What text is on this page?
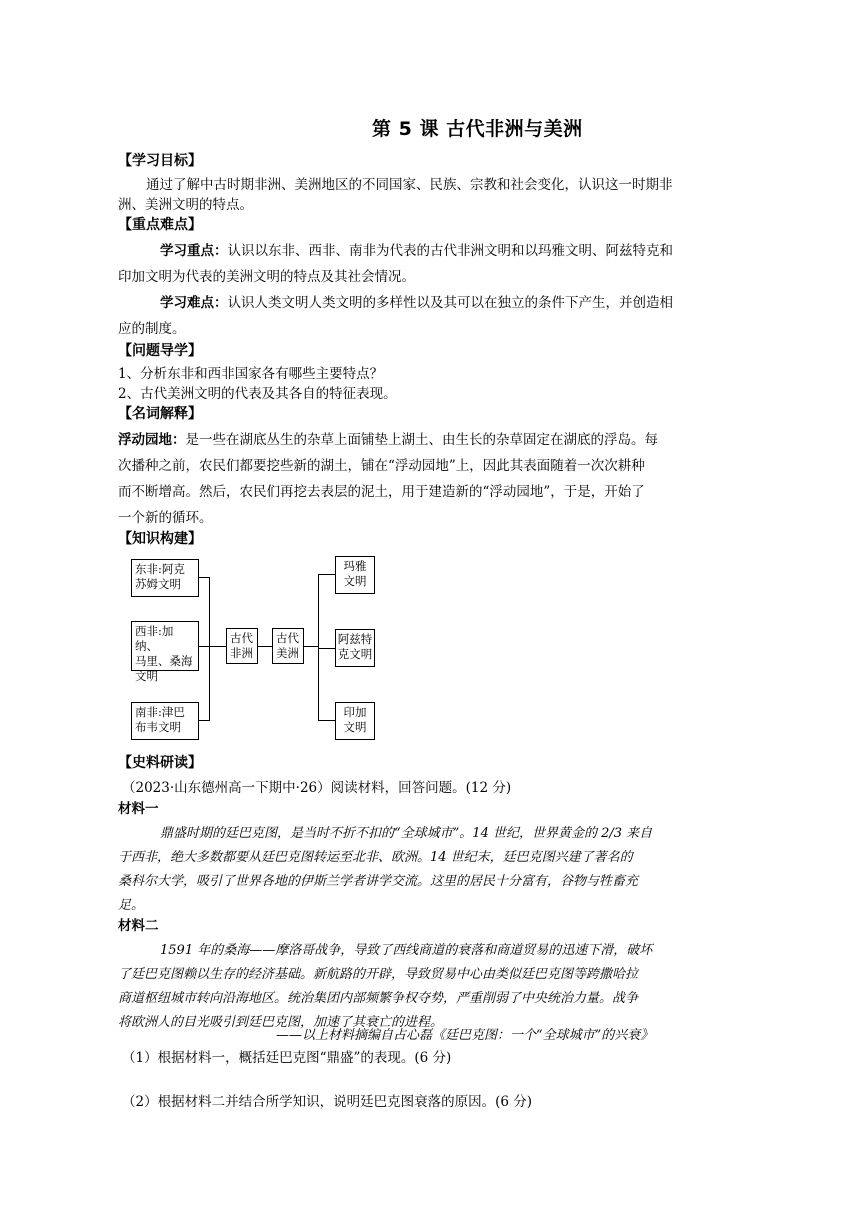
第 5 课 古代非洲与美洲
【学习目标】
通过了解中古时期非洲、美洲地区的不同国家、民族、宗教和社会变化，认识这一时期非
洲、美洲文明的特点。
【重点难点】
学习重点：认识以东非、西非、南非为代表的古代非洲文明和以玛雅文明、阿兹特克和
印加文明为代表的美洲文明的特点及其社会情况。
学习难点：认识人类文明人类文明的多样性以及其可以在独立的条件下产生，并创造相
应的制度。
【问题导学】
1、分析东非和西非国家各有哪些主要特点？
2、古代美洲文明的代表及其各自的特征表现。
【名词解释】
浮动园地：是一些在湖底丛生的杂草上面铺垫上湖土、由生长的杂草固定在湖底的浮岛。每
次播种之前，农民们都要挖些新的湖土，铺在“浮动园地”上，因此其表面随着一次次耕种
而不断增高。然后，农民们再挖去表层的泥土，用于建造新的“浮动园地”，于是，开始了
一个新的循环。
【知识构建】
东非:阿克
苏姆文明
西非:加纳、
马里、桑海
文明
南非:津巴
布韦文明
古代
非洲
古代
美洲
玛雅
文明
阿兹特
克文明
印加
文明
【史料研读】
（2023·山东德州高一下期中·26）阅读材料，回答问题。(12 分)
材料一
鼎盛时期的廷巴克图，是当时不折不扣的“全球城市”。14 世纪，世界黄金的 2/3 来自
于西非，绝大多数都要从廷巴克图转运至北非、欧洲。14 世纪末，廷巴克图兴建了著名的
桑科尔大学，吸引了世界各地的伊斯兰学者讲学交流。这里的居民十分富有，谷物与牲畜充
足。
材料二
1591 年的桑海——摩洛哥战争，导致了西线商道的衰落和商道贸易的迅速下滑，破坏
了廷巴克图赖以生存的经济基础。新航路的开辟，导致贸易中心由类似廷巴克图等跨撒哈拉
商道枢纽城市转向沿海地区。统治集团内部频繁争权夺势，严重削弱了中央统治力量。战争
将欧洲人的目光吸引到廷巴克图，加速了其衰亡的进程。
——以上材料摘编自占心磊《廷巴克图：一个“全球城市”的兴衰》
（1）根据材料一，概括廷巴克图“鼎盛”的表现。(6 分)
（2）根据材料二并结合所学知识，说明廷巴克图衰落的原因。(6 分)
